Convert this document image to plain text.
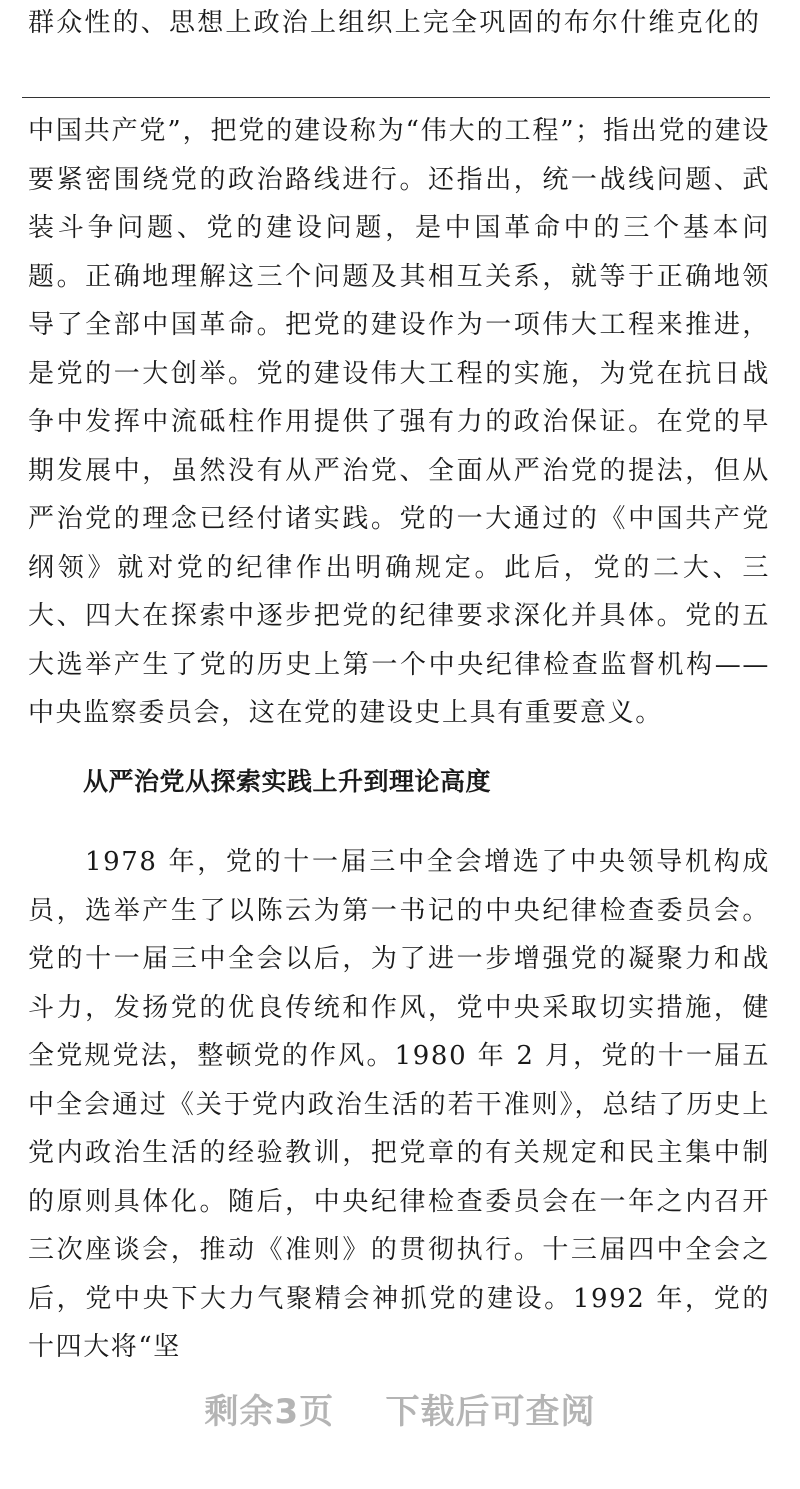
群众性的、思想上政治上组织上完全巩固的布尔什维克化的
中国共产党”，把党的建设称为“伟大的工程”；指出党的建设要紧密围绕党的政治路线进行。还指出，统一战线问题、武装斗争问题、党的建设问题，是中国革命中的三个基本问题。正确地理解这三个问题及其相互关系，就等于正确地领导了全部中国革命。把党的建设作为一项伟大工程来推进，是党的一大创举。党的建设伟大工程的实施，为党在抗日战争中发挥中流砥柱作用提供了强有力的政治保证。在党的早期发展中，虽然没有从严治党、全面从严治党的提法，但从严治党的理念已经付诸实践。党的一大通过的《中国共产党纲领》就对党的纪律作出明确规定。此后，党的二大、三大、四大在探索中逐步把党的纪律要求深化并具体。党的五大选举产生了党的历史上第一个中央纪律检查监督机构——中央监察委员会，这在党的建设史上具有重要意义。
从严治党从探索实践上升到理论高度
1978 年，党的十一届三中全会增选了中央领导机构成员，选举产生了以陈云为第一书记的中央纪律检查委员会。党的十一届三中全会以后，为了进一步增强党的凝聚力和战斗力，发扬党的优良传统和作风，党中央采取切实措施，健全党规党法，整顿党的作风。1980 年 2 月，党的十一届五中全会通过《关于党内政治生活的若干准则》，总结了历史上党内政治生活的经验教训，把党章的有关规定和民主集中制的原则具体化。随后，中央纪律检查委员会在一年之内召开三次座谈会，推动《准则》的贯彻执行。十三届四中全会之后，党中央下大力气聚精会神抓党的建设。1992 年，党的十四大将“坚
剩余3页    下载后可查阅
